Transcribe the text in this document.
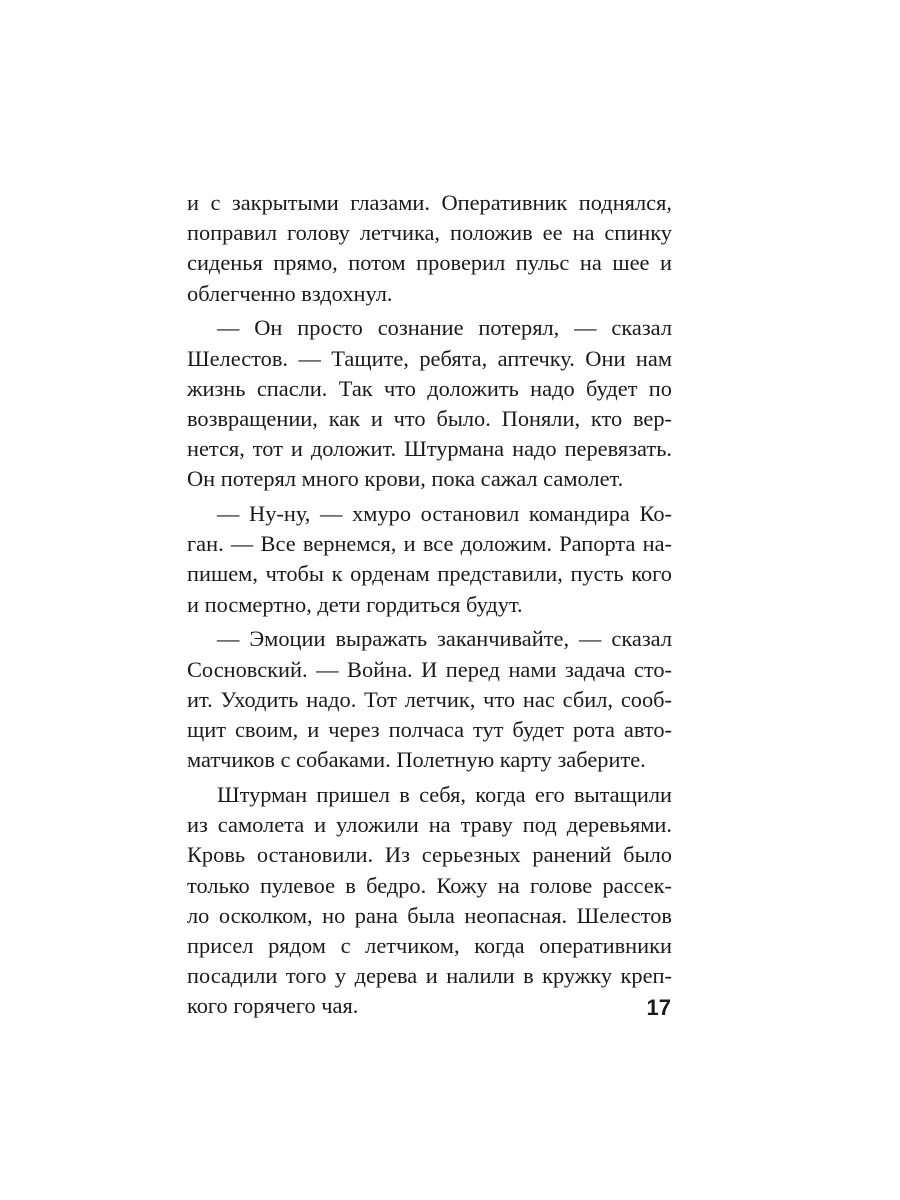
и с закрытыми глазами. Оперативник поднялся,
поправил голову летчика, положив ее на спинку
сиденья прямо, потом проверил пульс на шее и
облегченно вздохнул.
— Он просто сознание потерял, — сказал
Шелестов. — Тащите, ребята, аптечку. Они нам
жизнь спасли. Так что доложить надо будет по
возвращении, как и что было. Поняли, кто вер-
нется, тот и доложит. Штурмана надо перевязать.
Он потерял много крови, пока сажал самолет.
— Ну-ну, — хмуро остановил командира Ко-
ган. — Все вернемся, и все доложим. Рапорта на-
пишем, чтобы к орденам представили, пусть кого
и посмертно, дети гордиться будут.
— Эмоции выражать заканчивайте, — сказал
Сосновский. — Война. И перед нами задача сто-
ит. Уходить надо. Тот летчик, что нас сбил, сооб-
щит своим, и через полчаса тут будет рота авто-
матчиков с собаками. Полетную карту заберите.
Штурман пришел в себя, когда его вытащили
из самолета и уложили на траву под деревьями.
Кровь остановили. Из серьезных ранений было
только пулевое в бедро. Кожу на голове рассек-
ло осколком, но рана была неопасная. Шелестов
присел рядом с летчиком, когда оперативники
посадили того у дерева и налили в кружку креп-
кого горячего чая.	17
